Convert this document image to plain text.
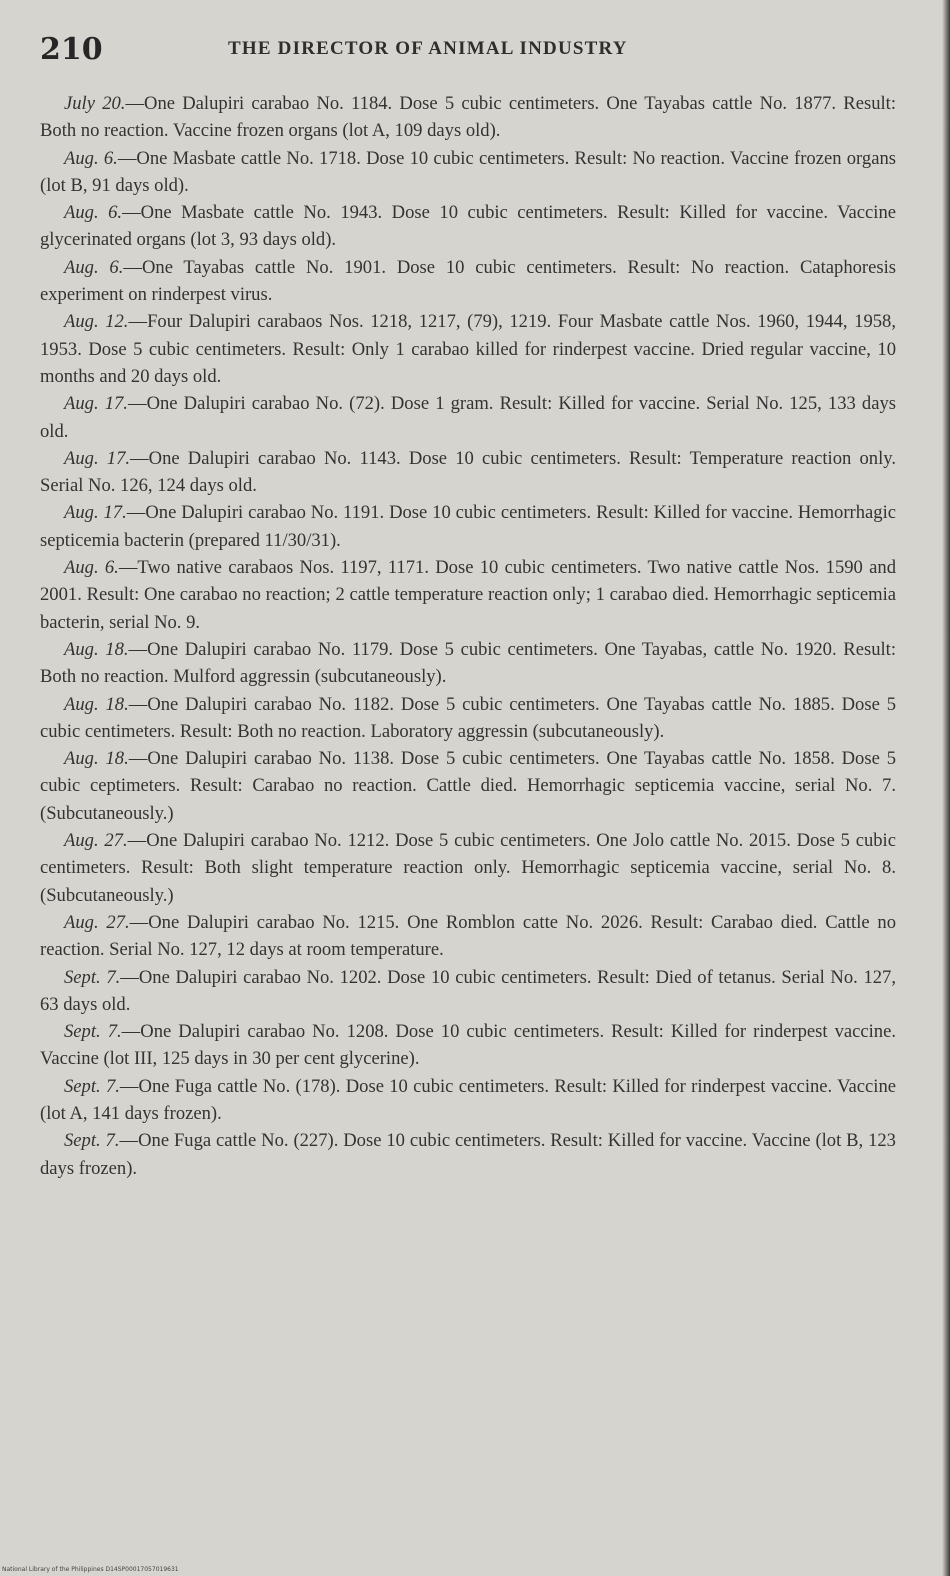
210	THE DIRECTOR OF ANIMAL INDUSTRY

July 20.—One Dalupiri carabao No. 1184. Dose 5 cubic centimeters. One Tayabas cattle No. 1877. Result: Both no reaction. Vaccine frozen organs (lot A, 109 days old).

Aug. 6.—One Masbate cattle No. 1718. Dose 10 cubic centimeters. Result: No reaction. Vaccine frozen organs (lot B, 91 days old).

Aug. 6.—One Masbate cattle No. 1943. Dose 10 cubic centimeters. Result: Killed for vaccine. Vaccine glycerinated organs (lot 3, 93 days old).

Aug. 6.—One Tayabas cattle No. 1901. Dose 10 cubic centimeters. Result: No reaction. Cataphoresis experiment on rinderpest virus.

Aug. 12.—Four Dalupiri carabaos Nos. 1218, 1217, (79), 1219. Four Masbate cattle Nos. 1960, 1944, 1958, 1953. Dose 5 cubic centimeters. Result: Only 1 carabao killed for rinderpest vaccine. Dried regular vaccine, 10 months and 20 days old.

Aug. 17.—One Dalupiri carabao No. (72). Dose 1 gram. Result: Killed for vaccine. Serial No. 125, 133 days old.

Aug. 17.—One Dalupiri carabao No. 1143. Dose 10 cubic centimeters. Result: Temperature reaction only. Serial No. 126, 124 days old.

Aug. 17.—One Dalupiri carabao No. 1191. Dose 10 cubic centimeters. Result: Killed for vaccine. Hemorrhagic septicemia bacterin (prepared 11/30/31).

Aug. 6.—Two native carabaos Nos. 1197, 1171. Dose 10 cubic centimeters. Two native cattle Nos. 1590 and 2001. Result: One carabao no reaction; 2 cattle temperature reaction only; 1 carabao died. Hemorrhagic septicemia bacterin, serial No. 9.

Aug. 18.—One Dalupiri carabao No. 1179. Dose 5 cubic centimeters. One Tayabas, cattle No. 1920. Result: Both no reaction. Mulford aggressin (subcutaneously).

Aug. 18.—One Dalupiri carabao No. 1182. Dose 5 cubic centimeters. One Tayabas cattle No. 1885. Dose 5 cubic centimeters. Result: Both no reaction. Laboratory aggressin (subcutaneously).

Aug. 18.—One Dalupiri carabao No. 1138. Dose 5 cubic centimeters. One Tayabas cattle No. 1858. Dose 5 cubic ceptimeters. Result: Carabao no reaction. Cattle died. Hemorrhagic septicemia vaccine, serial No. 7. (Subcutaneously.)

Aug. 27.—One Dalupiri carabao No. 1212. Dose 5 cubic centimeters. One Jolo cattle No. 2015. Dose 5 cubic centimeters. Result: Both slight temperature reaction only. Hemorrhagic septicemia vaccine, serial No. 8. (Subcutaneously.)

Aug. 27.—One Dalupiri carabao No. 1215. One Romblon catte No. 2026. Result: Carabao died. Cattle no reaction. Serial No. 127, 12 days at room temperature.

Sept. 7.—One Dalupiri carabao No. 1202. Dose 10 cubic centimeters. Result: Died of tetanus. Serial No. 127, 63 days old.

Sept. 7.—One Dalupiri carabao No. 1208. Dose 10 cubic centimeters. Result: Killed for rinderpest vaccine. Vaccine (lot III, 125 days in 30 per cent glycerine).

Sept. 7.—One Fuga cattle No. (178). Dose 10 cubic centimeters. Result: Killed for rinderpest vaccine. Vaccine (lot A, 141 days frozen).

Sept. 7.—One Fuga cattle No. (227). Dose 10 cubic centimeters. Result: Killed for vaccine. Vaccine (lot B, 123 days frozen).

National Library of the Philippines D14SP00017057019631
